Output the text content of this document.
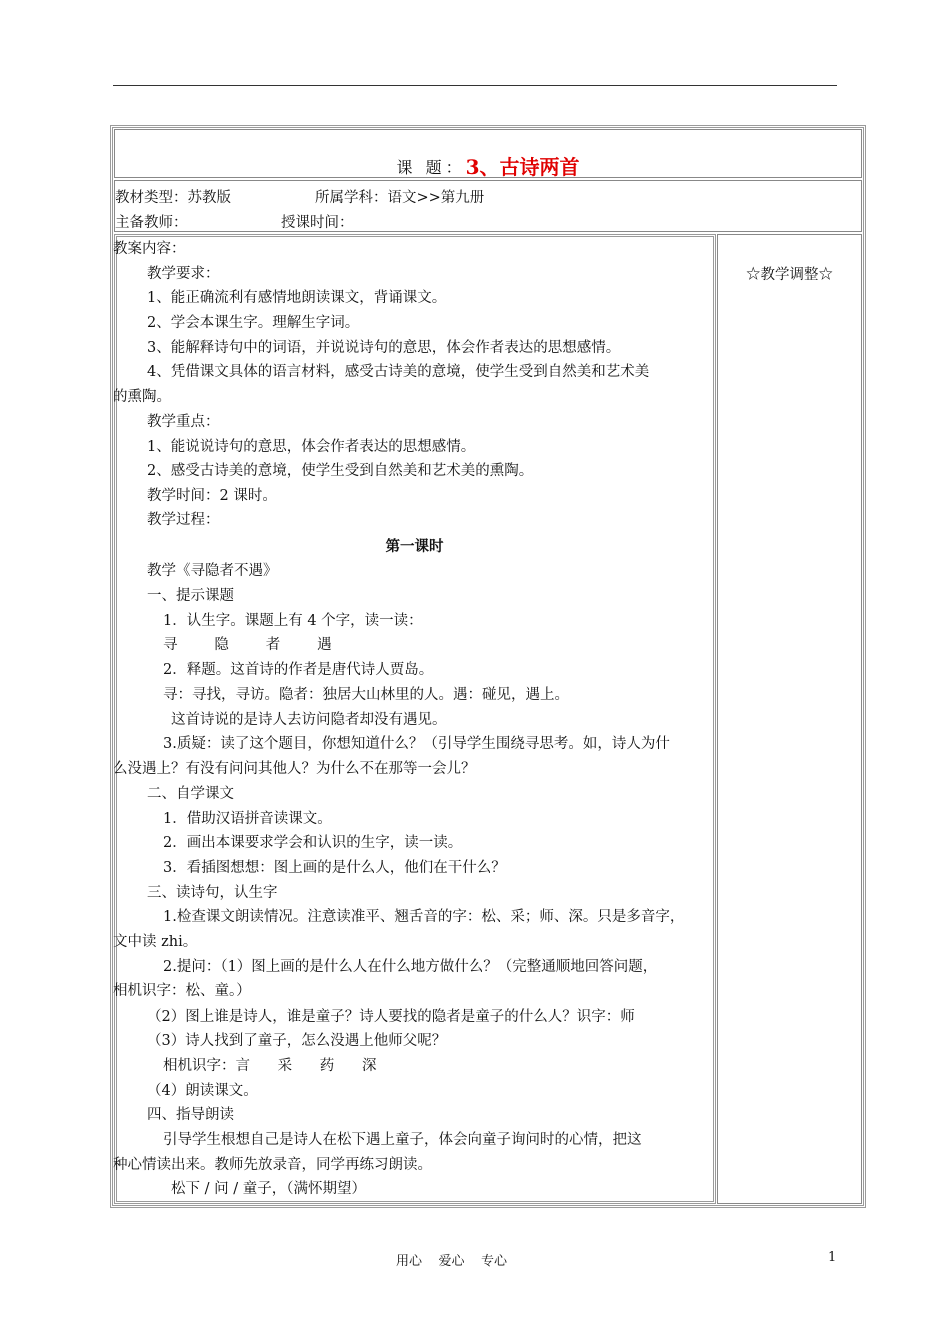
课 题：3、古诗两首
教材类型：苏教版	所属学科：语文>>第九册
主备教师：	授课时间：
☆教学调整☆
教案内容：
教学要求：
1、能正确流利有感情地朗读课文，背诵课文。
2、学会本课生字。理解生字词。
3、能解释诗句中的词语，并说说诗句的意思，体会作者表达的思想感情。
4、凭借课文具体的语言材料，感受古诗美的意境，使学生受到自然美和艺术美
的熏陶。
教学重点：
1、能说说诗句的意思，体会作者表达的思想感情。
2、感受古诗美的意境，使学生受到自然美和艺术美的熏陶。
教学时间：2 课时。
教学过程：
第一课时
教学《寻隐者不遇》
一、提示课题
1．认生字。课题上有 4 个字，读一读：
寻        隐        者        遇
2．释题。这首诗的作者是唐代诗人贾岛。
寻：寻找，寻访。隐者：独居大山林里的人。遇：碰见，遇上。
这首诗说的是诗人去访问隐者却没有遇见。
3.质疑：读了这个题目，你想知道什么？（引导学生围绕寻思考。如，诗人为什
么没遇上？有没有问问其他人？为什么不在那等一会儿？
二、自学课文
1．借助汉语拼音读课文。
2．画出本课要求学会和认识的生字，读一读。
3．看插图想想：图上画的是什么人，他们在干什么？
三、读诗句，认生字
1.检查课文朗读情况。注意读准平、翘舌音的字：松、采；师、深。只是多音字，
文中读 zhi。
2.提问：（1）图上画的是什么人在什么地方做什么？（完整通顺地回答问题，
相机识字：松、童。）
（2）图上谁是诗人，谁是童子？诗人要找的隐者是童子的什么人？识字：师
（3）诗人找到了童子，怎么没遇上他师父呢？
相机识字：言      采      药      深
（4）朗读课文。
四、指导朗读
引导学生根想自己是诗人在松下遇上童子，体会向童子询问时的心情，把这
种心情读出来。教师先放录音，同学再练习朗读。
松下 / 问 / 童子，（满怀期望）
用心    爱心    专心	1
